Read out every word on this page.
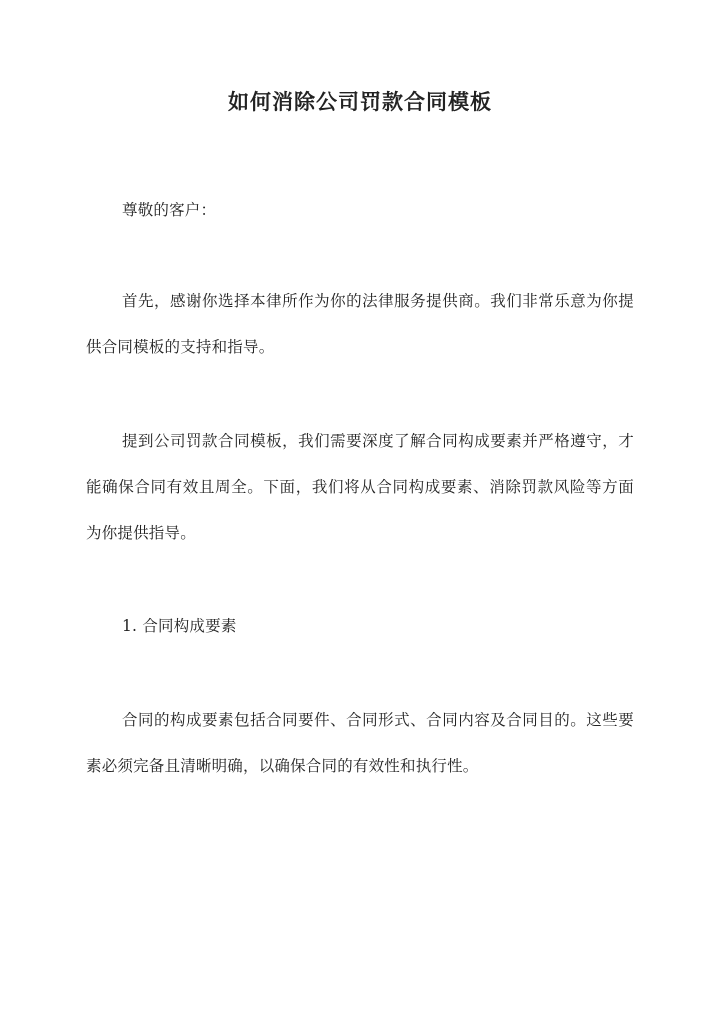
如何消除公司罚款合同模板
尊敬的客户：
首先，感谢你选择本律所作为你的法律服务提供商。我们非常乐意为你提供合同模板的支持和指导。
提到公司罚款合同模板，我们需要深度了解合同构成要素并严格遵守，才能确保合同有效且周全。下面，我们将从合同构成要素、消除罚款风险等方面为你提供指导。
1. 合同构成要素
合同的构成要素包括合同要件、合同形式、合同内容及合同目的。这些要素必须完备且清晰明确，以确保合同的有效性和执行性。
